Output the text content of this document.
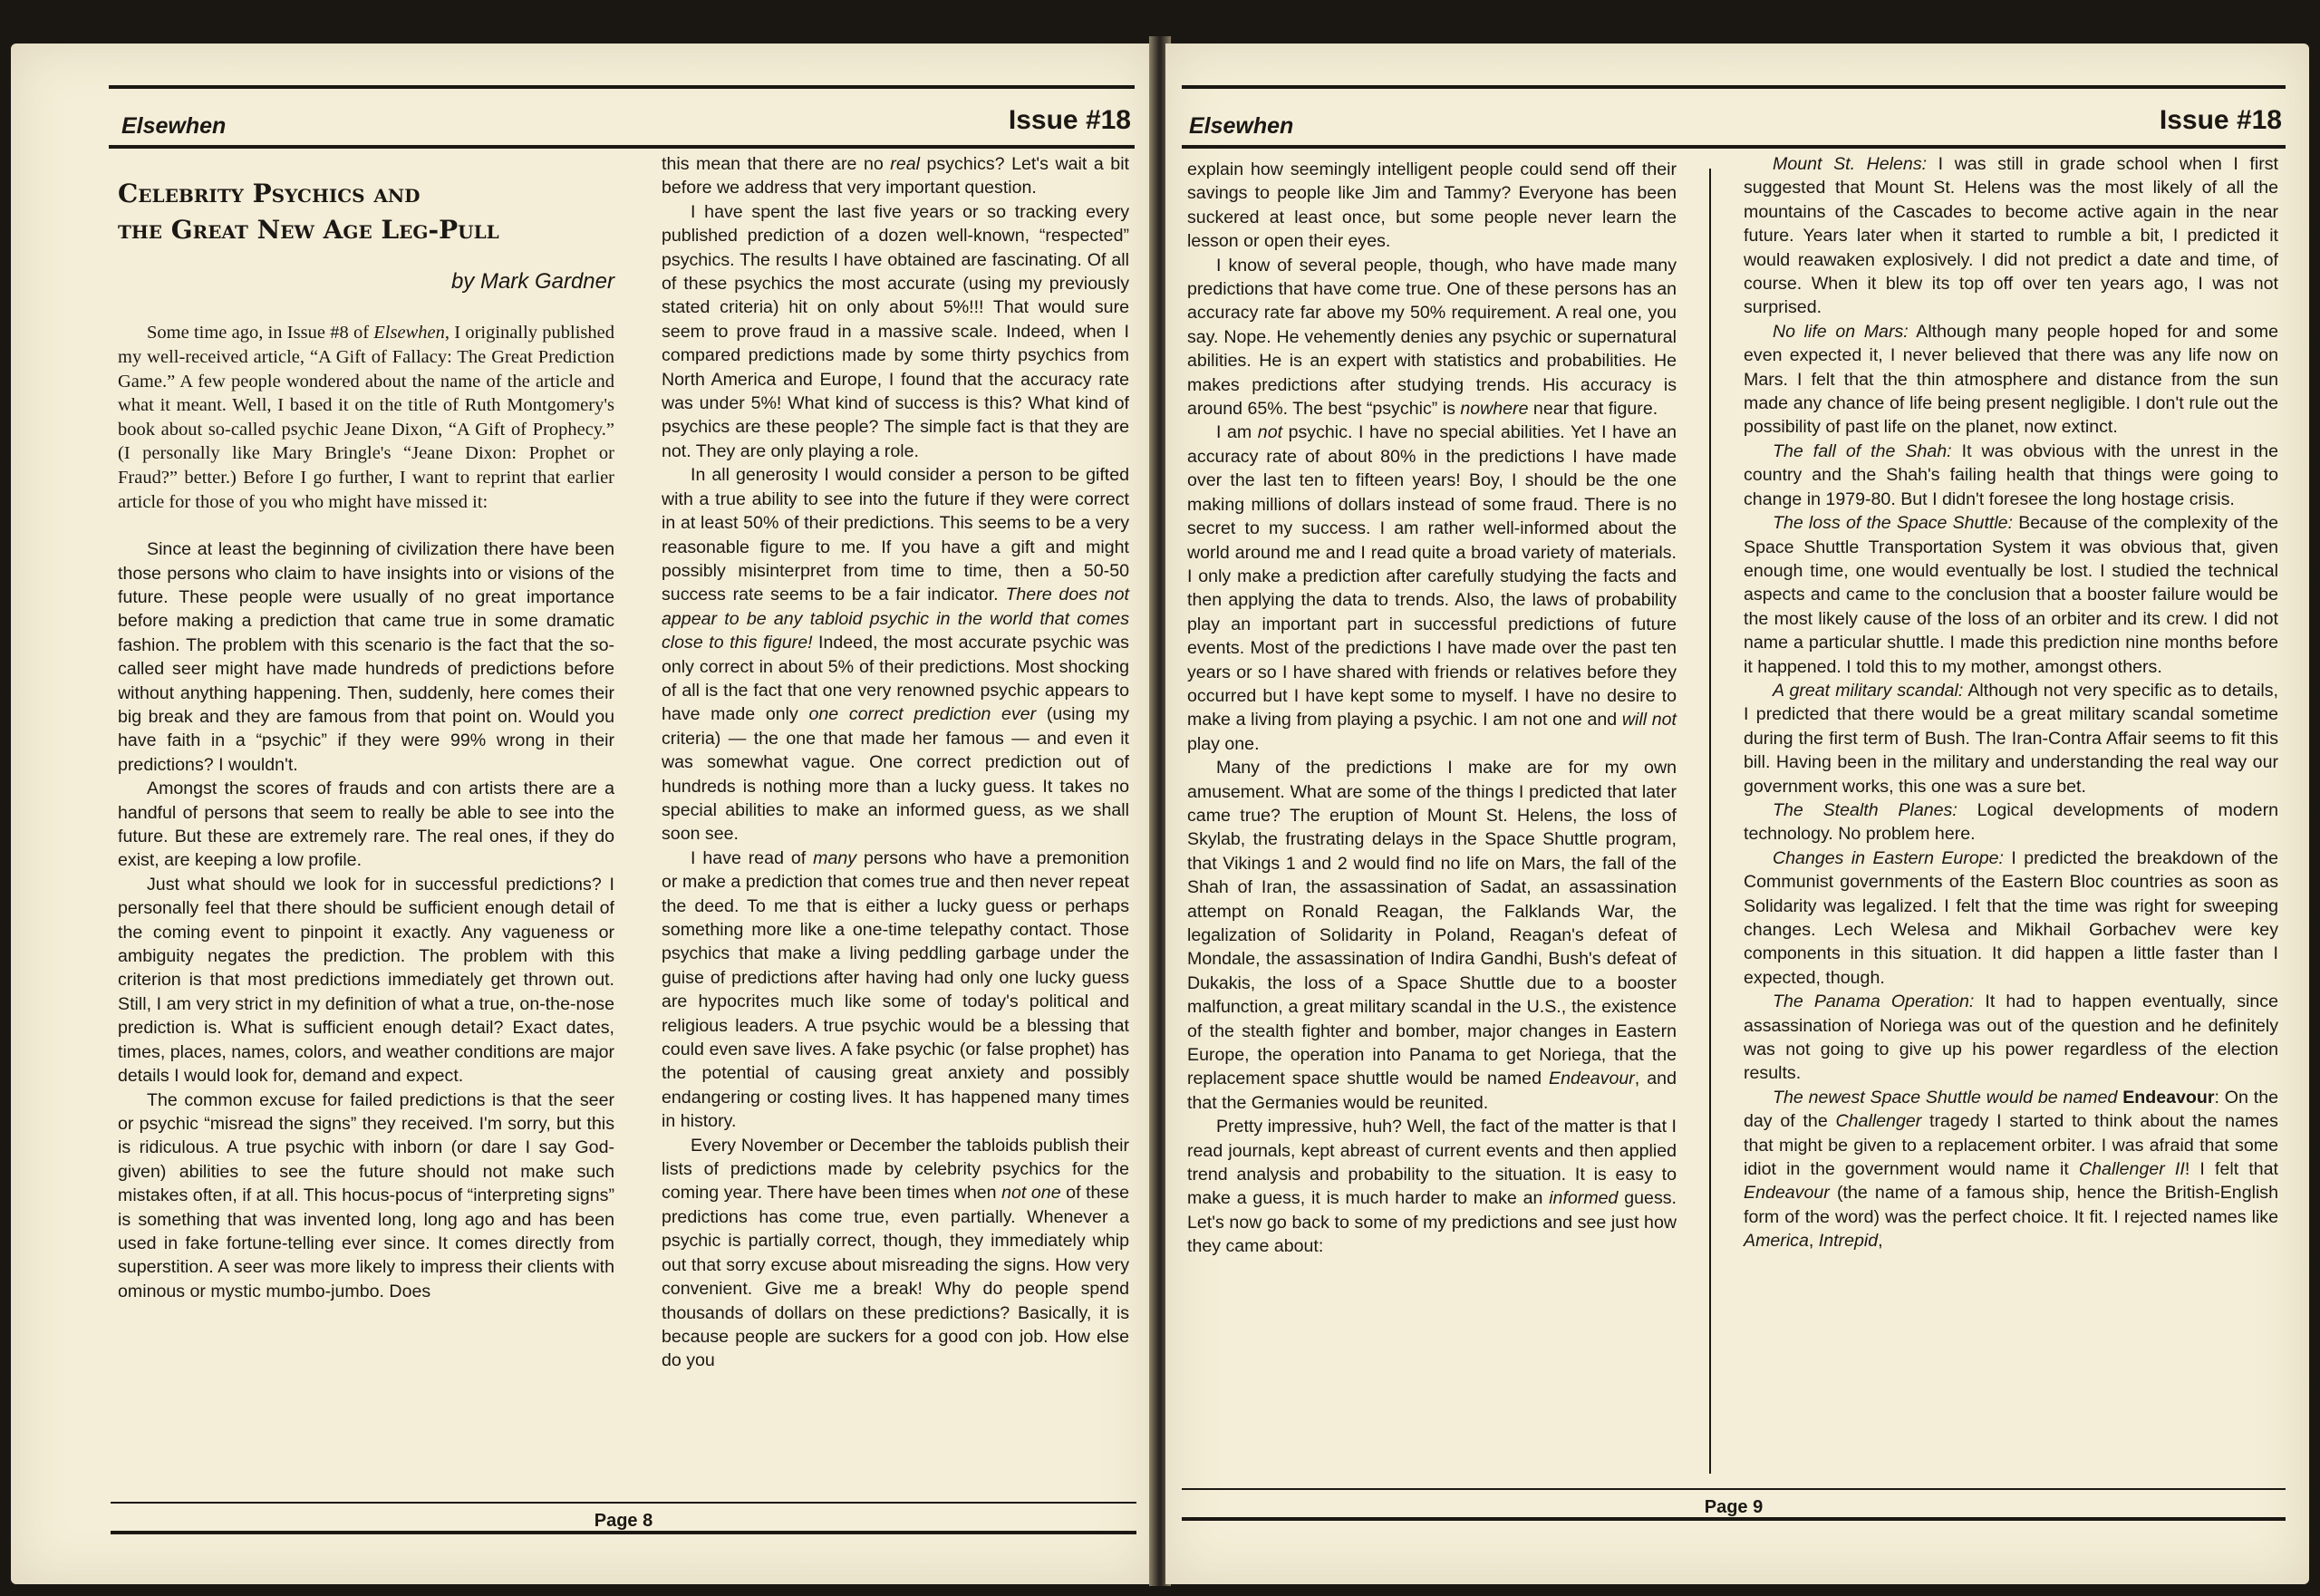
Elsewhen	Issue #18
Celebrity Psychics and
the Great New Age Leg-Pull

by Mark Gardner

Some time ago, in Issue #8 of Elsewhen, I originally published my well-received article, “A Gift of Fallacy: The Great Prediction Game.” A few people wondered about the name of the article and what it meant. Well, I based it on the title of Ruth Montgomery's book about so-called psychic Jeane Dixon, “A Gift of Prophecy.” (I personally like Mary Bringle's “Jeane Dixon: Prophet or Fraud?” better.) Before I go further, I want to reprint that earlier article for those of you who might have missed it:

Since at least the beginning of civilization there have been those persons who claim to have insights into or visions of the future. These people were usually of no great importance before making a prediction that came true in some dramatic fashion. The problem with this scenario is the fact that the so-called seer might have made hundreds of predictions before without anything happening. Then, suddenly, here comes their big break and they are famous from that point on. Would you have faith in a “psychic” if they were 99% wrong in their predictions? I wouldn't.

Amongst the scores of frauds and con artists there are a handful of persons that seem to really be able to see into the future. But these are extremely rare. The real ones, if they do exist, are keeping a low profile.

Just what should we look for in successful predictions? I personally feel that there should be sufficient enough detail of the coming event to pinpoint it exactly. Any vagueness or ambiguity negates the prediction. The problem with this criterion is that most predictions immediately get thrown out. Still, I am very strict in my definition of what a true, on-the-nose prediction is. What is sufficient enough detail? Exact dates, times, places, names, colors, and weather conditions are major details I would look for, demand and expect.

The common excuse for failed predictions is that the seer or psychic “misread the signs” they received. I'm sorry, but this is ridiculous. A true psychic with inborn (or dare I say God-given) abilities to see the future should not make such mistakes often, if at all. This hocus-pocus of “interpreting signs” is something that was invented long, long ago and has been used in fake fortune-telling ever since. It comes directly from superstition. A seer was more likely to impress their clients with ominous or mystic mumbo-jumbo. Does

this mean that there are no real psychics? Let's wait a bit before we address that very important question.

I have spent the last five years or so tracking every published prediction of a dozen well-known, “respected” psychics. The results I have obtained are fascinating. Of all of these psychics the most accurate (using my previously stated criteria) hit on only about 5%!!! That would sure seem to prove fraud in a massive scale. Indeed, when I compared predictions made by some thirty psychics from North America and Europe, I found that the accuracy rate was under 5%! What kind of success is this? What kind of psychics are these people? The simple fact is that they are not. They are only playing a role.

In all generosity I would consider a person to be gifted with a true ability to see into the future if they were correct in at least 50% of their predictions. This seems to be a very reasonable figure to me. If you have a gift and might possibly misinterpret from time to time, then a 50-50 success rate seems to be a fair indicator. There does not appear to be any tabloid psychic in the world that comes close to this figure! Indeed, the most accurate psychic was only correct in about 5% of their predictions. Most shocking of all is the fact that one very renowned psychic appears to have made only one correct prediction ever (using my criteria) — the one that made her famous — and even it was somewhat vague. One correct prediction out of hundreds is nothing more than a lucky guess. It takes no special abilities to make an informed guess, as we shall soon see.

I have read of many persons who have a premonition or make a prediction that comes true and then never repeat the deed. To me that is either a lucky guess or perhaps something more like a one-time telepathy contact. Those psychics that make a living peddling garbage under the guise of predictions after having had only one lucky guess are hypocrites much like some of today's political and religious leaders. A true psychic would be a blessing that could even save lives. A fake psychic (or false prophet) has the potential of causing great anxiety and possibly endangering or costing lives. It has happened many times in history.

Every November or December the tabloids publish their lists of predictions made by celebrity psychics for the coming year. There have been times when not one of these predictions has come true, even partially. Whenever a psychic is partially correct, though, they immediately whip out that sorry excuse about misreading the signs. How very convenient. Give me a break! Why do people spend thousands of dollars on these predictions? Basically, it is because people are suckers for a good con job. How else do you

Page 8
Elsewhen	Issue #18

explain how seemingly intelligent people could send off their savings to people like Jim and Tammy? Everyone has been suckered at least once, but some people never learn the lesson or open their eyes.

I know of several people, though, who have made many predictions that have come true. One of these persons has an accuracy rate far above my 50% requirement. A real one, you say. Nope. He vehemently denies any psychic or supernatural abilities. He is an expert with statistics and probabilities. He makes predictions after studying trends. His accuracy is around 65%. The best “psychic” is nowhere near that figure.

I am not psychic. I have no special abilities. Yet I have an accuracy rate of about 80% in the predictions I have made over the last ten to fifteen years! Boy, I should be the one making millions of dollars instead of some fraud. There is no secret to my success. I am rather well-informed about the world around me and I read quite a broad variety of materials. I only make a prediction after carefully studying the facts and then applying the data to trends. Also, the laws of probability play an important part in successful predictions of future events. Most of the predictions I have made over the past ten years or so I have shared with friends or relatives before they occurred but I have kept some to myself. I have no desire to make a living from playing a psychic. I am not one and will not play one.

Many of the predictions I make are for my own amusement. What are some of the things I predicted that later came true? The eruption of Mount St. Helens, the loss of Skylab, the frustrating delays in the Space Shuttle program, that Vikings 1 and 2 would find no life on Mars, the fall of the Shah of Iran, the assassination of Sadat, an assassination attempt on Ronald Reagan, the Falklands War, the legalization of Solidarity in Poland, Reagan's defeat of Mondale, the assassination of Indira Gandhi, Bush's defeat of Dukakis, the loss of a Space Shuttle due to a booster malfunction, a great military scandal in the U.S., the existence of the stealth fighter and bomber, major changes in Eastern Europe, the operation into Panama to get Noriega, that the replacement space shuttle would be named Endeavour, and that the Germanies would be reunited.

Pretty impressive, huh? Well, the fact of the matter is that I read journals, kept abreast of current events and then applied trend analysis and probability to the situation. It is easy to make a guess, it is much harder to make an informed guess. Let's now go back to some of my predictions and see just how they came about:

Mount St. Helens: I was still in grade school when I first suggested that Mount St. Helens was the most likely of all the mountains of the Cascades to become active again in the near future. Years later when it started to rumble a bit, I predicted it would reawaken explosively. I did not predict a date and time, of course. When it blew its top off over ten years ago, I was not surprised.

No life on Mars: Although many people hoped for and some even expected it, I never believed that there was any life now on Mars. I felt that the thin atmosphere and distance from the sun made any chance of life being present negligible. I don't rule out the possibility of past life on the planet, now extinct.

The fall of the Shah: It was obvious with the unrest in the country and the Shah's failing health that things were going to change in 1979-80. But I didn't foresee the long hostage crisis.

The loss of the Space Shuttle: Because of the complexity of the Space Shuttle Transportation System it was obvious that, given enough time, one would eventually be lost. I studied the technical aspects and came to the conclusion that a booster failure would be the most likely cause of the loss of an orbiter and its crew. I did not name a particular shuttle. I made this prediction nine months before it happened. I told this to my mother, amongst others.

A great military scandal: Although not very specific as to details, I predicted that there would be a great military scandal sometime during the first term of Bush. The Iran-Contra Affair seems to fit this bill. Having been in the military and understanding the real way our government works, this one was a sure bet.

The Stealth Planes: Logical developments of modern technology. No problem here.

Changes in Eastern Europe: I predicted the breakdown of the Communist governments of the Eastern Bloc countries as soon as Solidarity was legalized. I felt that the time was right for sweeping changes. Lech Welesa and Mikhail Gorbachev were key components in this situation. It did happen a little faster than I expected, though.

The Panama Operation: It had to happen eventually, since assassination of Noriega was out of the question and he definitely was not going to give up his power regardless of the election results.

The newest Space Shuttle would be named Endeavour: On the day of the Challenger tragedy I started to think about the names that might be given to a replacement orbiter. I was afraid that some idiot in the government would name it Challenger II! I felt that Endeavour (the name of a famous ship, hence the British-English form of the word) was the perfect choice. It fit. I rejected names like America, Intrepid,

Page 9
